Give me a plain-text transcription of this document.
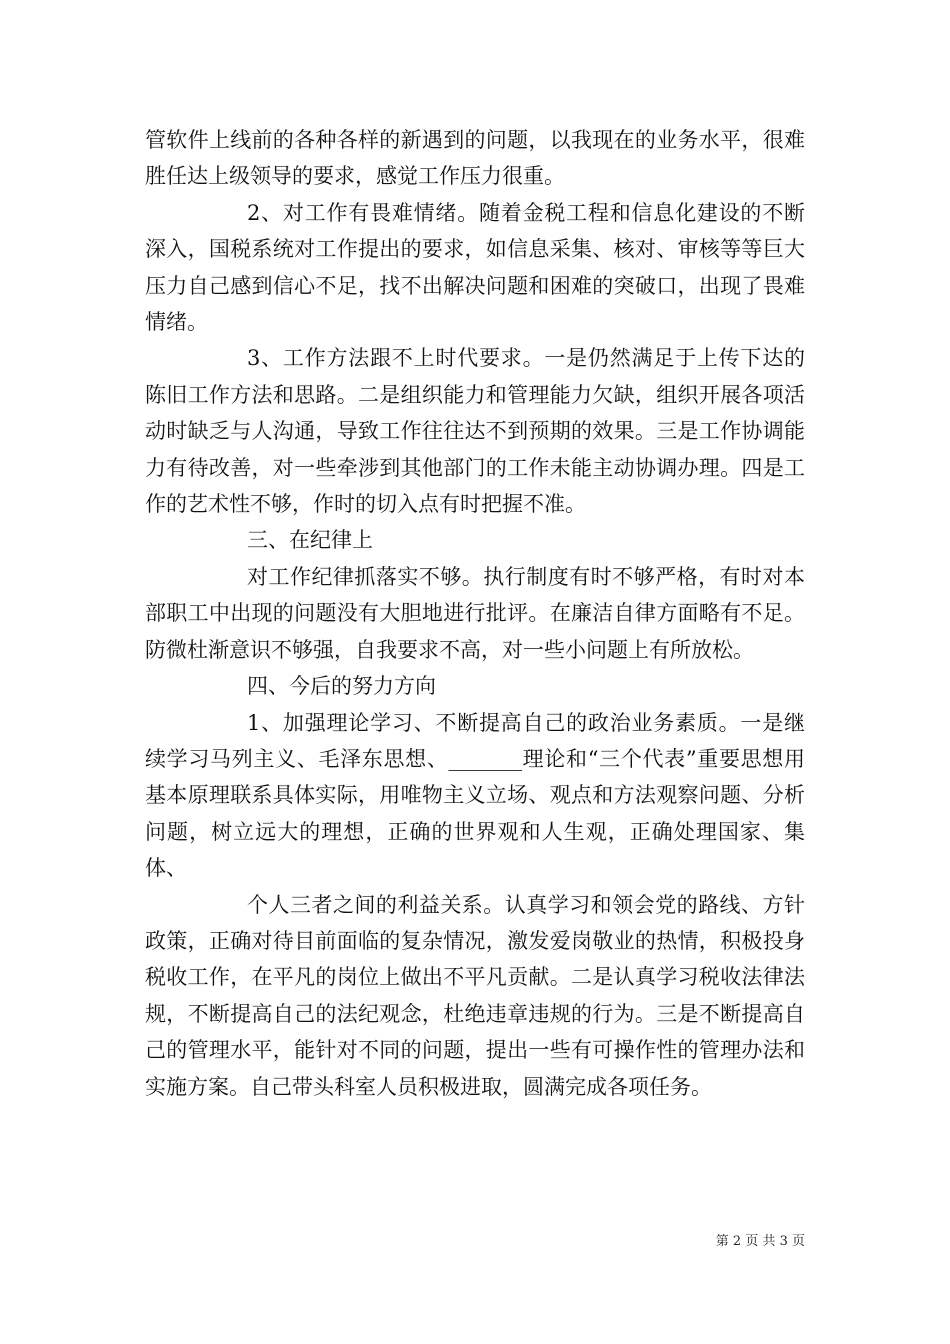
管软件上线前的各种各样的新遇到的问题，以我现在的业务水平，很难胜任达上级领导的要求，感觉工作压力很重。

2、对工作有畏难情绪。随着金税工程和信息化建设的不断深入，国税系统对工作提出的要求，如信息采集、核对、审核等等巨大压力自己感到信心不足，找不出解决问题和困难的突破口，出现了畏难情绪。

3、工作方法跟不上时代要求。一是仍然满足于上传下达的陈旧工作方法和思路。二是组织能力和管理能力欠缺，组织开展各项活动时缺乏与人沟通，导致工作往往达不到预期的效果。三是工作协调能力有待改善，对一些牵涉到其他部门的工作未能主动协调办理。四是工作的艺术性不够，作时的切入点有时把握不准。

三、在纪律上

对工作纪律抓落实不够。执行制度有时不够严格，有时对本部职工中出现的问题没有大胆地进行批评。在廉洁自律方面略有不足。防微杜渐意识不够强，自我要求不高，对一些小问题上有所放松。

四、今后的努力方向

1、加强理论学习、不断提高自己的政治业务素质。一是继续学习马列主义、毛泽东思想、_______理论和“三个代表”重要思想用基本原理联系具体实际，用唯物主义立场、观点和方法观察问题、分析问题，树立远大的理想，正确的世界观和人生观，正确处理国家、集体、

个人三者之间的利益关系。认真学习和领会党的路线、方针政策，正确对待目前面临的复杂情况，激发爱岗敬业的热情，积极投身税收工作，在平凡的岗位上做出不平凡贡献。二是认真学习税收法律法规，不断提高自己的法纪观念，杜绝违章违规的行为。三是不断提高自己的管理水平，能针对不同的问题，提出一些有可操作性的管理办法和实施方案。自己带头科室人员积极进取，圆满完成各项任务。

第 2 页 共 3 页
